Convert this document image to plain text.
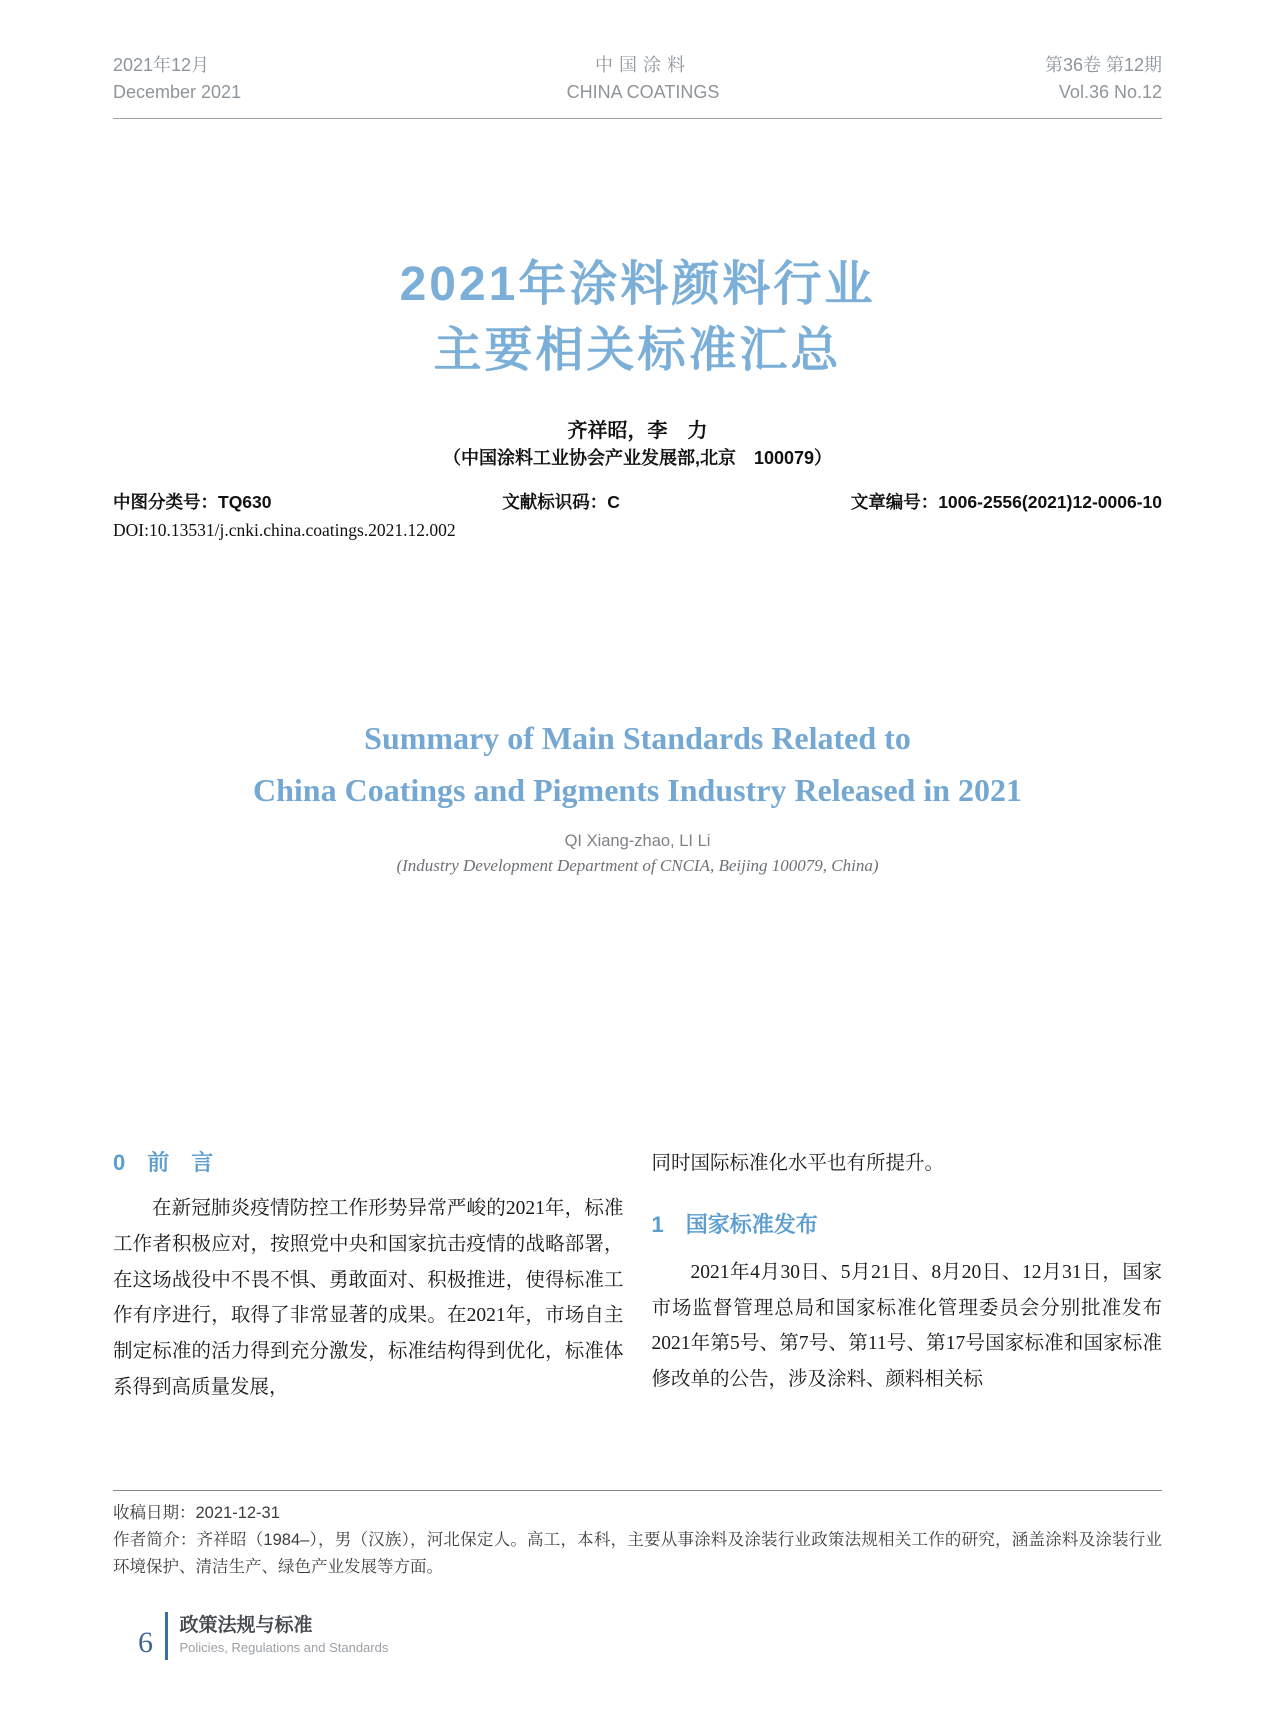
2021年12月
December 2021
中国涂料
CHINA COATINGS
第36卷 第12期
Vol.36 No.12
2021年涂料颜料行业
主要相关标准汇总
齐祥昭，李　力
（中国涂料工业协会产业发展部,北京　100079）
中图分类号：TQ630	文献标识码：C	文章编号：1006-2556(2021)12-0006-10
DOI:10.13531/j.cnki.china.coatings.2021.12.002
Summary of Main Standards Related to
China Coatings and Pigments Industry Released in 2021
QI Xiang-zhao, LI Li
(Industry Development Department of CNCIA, Beijing 100079, China)
0　前　言

在新冠肺炎疫情防控工作形势异常严峻的2021年，标准工作者积极应对，按照党中央和国家抗击疫情的战略部署，在这场战役中不畏不惧、勇敢面对、积极推进，使得标准工作有序进行，取得了非常显著的成果。在2021年，市场自主制定标准的活力得到充分激发，标准结构得到优化，标准体系得到高质量发展，

同时国际标准化水平也有所提升。

1　国家标准发布

2021年4月30日、5月21日、8月20日、12月31日，国家市场监督管理总局和国家标准化管理委员会分别批准发布2021年第5号、第7号、第11号、第17号国家标准和国家标准修改单的公告，涉及涂料、颜料相关标

收稿日期：2021-12-31

作者简介：齐祥昭（1984–），男（汉族），河北保定人。高工，本科，主要从事涂料及涂装行业政策法规相关工作的研究，涵盖涂料及涂装行业环境保护、清洁生产、绿色产业发展等方面。

6
政策法规与标准
Policies, Regulations and Standards
